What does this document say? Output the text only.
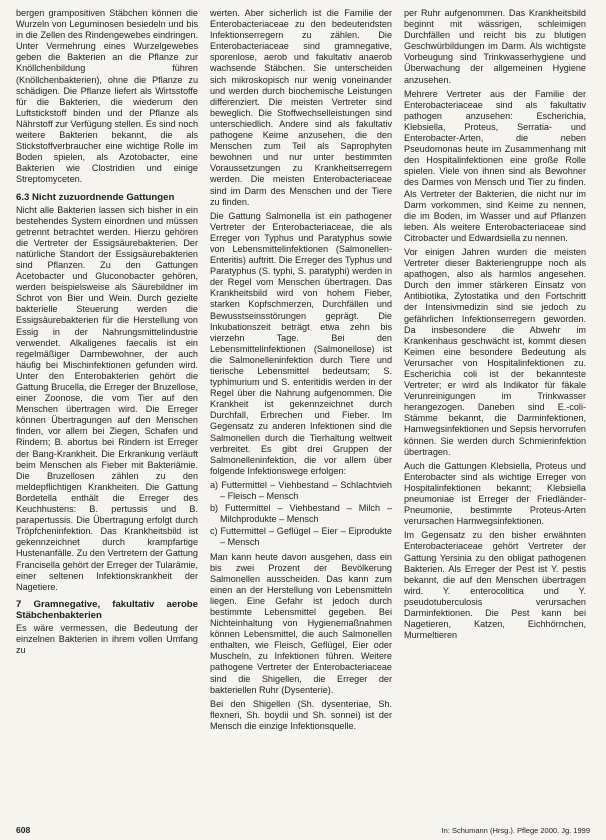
bergen grampositiven Stäbchen können die Wurzeln von Leguminosen besiedeln und bis in die Zellen des Rindengewebes eindringen. Unter Vermehrung eines Wurzelgewebes geben die Bakterien an die Pflanze zur Knöllchenbildung führen (Knöllchenbakterien), ohne die Pflanze zu schädigen. Die Pflanze liefert als Wirtsstoffe für die Bakterien, die wiederum den Luftstickstoff binden und der Pflanze als Nährstoff zur Verfügung stellen. Es sind noch weitere Bakterien bekannt, die als Stickstoffverbraucher eine wichtige Rolle im Boden spielen, als Azotobacter, eine Bakterien wie Clostridien und einige Streptomyceten.

6.3 Nicht zuzuordnende Gattungen

Nicht alle Bakterien lassen sich bisher in ein bestehendes System einordnen und müssen getrennt betrachtet werden. Hierzu gehören die Vertreter der Essigsäurebakterien. Der natürliche Standort der Essigsäurebakterien sind Pflanzen. Zu den Gattungen Acetobacter und Gluconobacter gehören, werden beispielsweise als Säurebildner im Schrot von Bier und Wein. Durch gezielte bakterielle Steuerung werden die Essigsäurebakterien für die Herstellung von Essig in der Nahrungsmittelindustrie verwendet. Alkaligenes faecalis ist ein regelmäßiger Darmbewohner, der auch häufig bei Mischinfektionen gefunden wird. Unter den Enterobakterien gehört die Gattung Brucella, die Erreger der Bruzellose, einer Zoonose, die vom Tier auf den Menschen übertragen wird. Die Erreger können Übertragungen auf den Menschen finden, vor allem bei Ziegen, Schafen und Rindern; B. abortus bei Rindern ist Erreger der Bang-Krankheit. Die Erkrankung verläuft beim Menschen als Fieber mit Bakteriämie. Die Bruzellosen zählen zu den meldepflichtigen Krankheiten. Die Gattung Bordetella enthält die Erreger des Keuchhustens: B. pertussis und B. parapertussis. Die Übertragung erfolgt durch Tröpfcheninfektion. Das Krankheitsbild ist gekennzeichnet durch krampfartige Hustenanfälle. Zu den Vertretern der Gattung Francisella gehört der Erreger der Tularämie, einer seltenen Infektionskrankheit der Nagetiere.

7 Gramnegative, fakultativ aerobe Stäbchenbakterien

Es wäre vermessen, die Bedeutung der einzelnen Bakterien in ihrem vollen Umfang zu

werten. Aber sicherlich ist die Familie der Enterobacteriaceae zu den bedeutendsten Infektionserregern zu zählen. Die Enterobacteriaceae sind gramnegative, sporenlose, aerob und fakultativ anaerob wachsende Stäbchen. Sie unterscheiden sich mikroskopisch nur wenig voneinander und werden durch biochemische Leistungen differenziert. Die meisten Vertreter sind beweglich. Die Stoffwechselleistungen sind unterschiedlich. Andere sind als fakultativ pathogene Keime anzusehen, die den Menschen zum Teil als Saprophyten bewohnen und nur unter bestimmten Voraussetzungen zu Krankheitserregern werden. Die meisten Enterobacteriaceae sind im Darm des Menschen und der Tiere zu finden.

Die Gattung Salmonella ist ein pathogener Vertreter der Enterobacteriaceae, die als Erreger von Typhus und Paratyphus sowie von Lebensmittelinfektionen (Salmonellen-Enteritis) auftritt. Die Erreger des Typhus und Paratyphus (S. typhi, S. paratyphi) werden in der Regel vom Menschen übertragen. Das Krankheitsbild wird von hohem Fieber, starken Kopfschmerzen, Durchfällen und Bewusstseinsstörungen geprägt. Die Inkubationszeit beträgt etwa zehn bis vierzehn Tage. Bei den Lebensmittelinfektionen (Salmonellose) ist die Salmonelleninfektion durch Tiere und tierische Lebensmittel bedeutsam; S. typhimurium und S. enteritidis werden in der Regel über die Nahrung aufgenommen. Die Krankheit ist gekennzeichnet durch Durchfall, Erbrechen und Fieber. Im Gegensatz zu anderen Infektionen sind die Salmonellen durch die Tierhaltung weltweit verbreitet. Es gibt drei Gruppen der Salmonelleninfektion, die vor allem über folgende Infektionswege erfolgen:

a) Futtermittel – Viehbestand – Schlachtvieh – Fleisch – Mensch
b) Futtermittel – Viehbestand – Milch – Milchprodukte – Mensch
c) Futtermittel – Geflügel – Eier – Eiprodukte – Mensch

Man kann heute davon ausgehen, dass ein bis zwei Prozent der Bevölkerung Salmonellen ausscheiden. Das kann zum einen an der Herstellung von Lebensmitteln liegen. Eine Gefahr ist jedoch durch bestimmte Lebensmittel gegeben. Bei Nichteinhaltung von Hygienemaßnahmen können Lebensmittel, die auch Salmonellen enthalten, wie Fleisch, Geflügel, Eier oder Muscheln, zu Infektionen führen. Weitere pathogene Vertreter der Enterobacteriaceae sind die Shigellen, die Erreger der bakteriellen Ruhr (Dysenterie).

Bei den Shigellen (Sh. dysenteriae, Sh. flexneri, Sh. boydii und Sh. sonnei) ist der Mensch die einzige Infektionsquelle.

per Ruhr aufgenommen. Das Krankheitsbild beginnt mit wässrigen, schleimigen Durchfällen und reicht bis zu blutigen Geschwürbildungen im Darm. Als wichtigste Vorbeugung sind Trinkwasserhygiene und Überwachung der allgemeinen Hygiene anzusehen.

Mehrere Vertreter aus der Familie der Enterobacteriaceae sind als fakultativ pathogen anzusehen: Escherichia, Klebsiella, Proteus, Serratia- und Enterobacter-Arten, die neben Pseudomonas heute im Zusammenhang mit den Hospitalinfektionen eine große Rolle spielen. Viele von ihnen sind als Bewohner des Darmes von Mensch und Tier zu finden. Als Vertreter der Bakterien, die nicht nur im Darm vorkommen, sind Keime zu nennen, die im Boden, im Wasser und auf Pflanzen leben. Als weitere Enterobacteriaceae sind Citrobacter und Edwardsiella zu nennen.

Vor einigen Jahren wurden die meisten Vertreter dieser Bakteriengruppe noch als apathogen, also als harmlos angesehen. Durch den immer stärkeren Einsatz von Antibiotika, Zytostatika und den Fortschritt der Intensivmedizin sind sie jedoch zu gefährlichen Infektionserregern geworden. Da insbesondere die Abwehr im Krankenhaus geschwächt ist, kommt diesen Keimen eine besondere Bedeutung als Verursacher von Hospitalinfektionen zu. Escherichia coli ist der bekannteste Vertreter; er wird als Indikator für fäkale Verunreinigungen im Trinkwasser herangezogen. Daneben sind E.-coli-Stämme bekannt, die Darminfektionen, Harnwegsinfektionen und Sepsis hervorrufen können. Sie werden durch Schmierinfektion übertragen.

Auch die Gattungen Klebsiella, Proteus und Enterobacter sind als wichtige Erreger von Hospitalinfektionen bekannt; Klebsiella pneumoniae ist Erreger der Friedländer-Pneumonie, bestimmte Proteus-Arten verursachen Harnwegsinfektionen.

Im Gegensatz zu den bisher erwähnten Enterobacteriaceae gehört Vertreter der Gattung Yersinia zu den obligat pathogenen Bakterien. Als Erreger der Pest ist Y. pestis bekannt, die auf den Menschen übertragen wird. Y. enterocolitica und Y. pseudotuberculosis verursachen Darminfektionen. Die Pest kann bei Nagetieren, Katzen, Eichhörnchen, Murmeltieren

608	In: Schumann (Hrsg.). Pflege 2000. Jg. 1999
